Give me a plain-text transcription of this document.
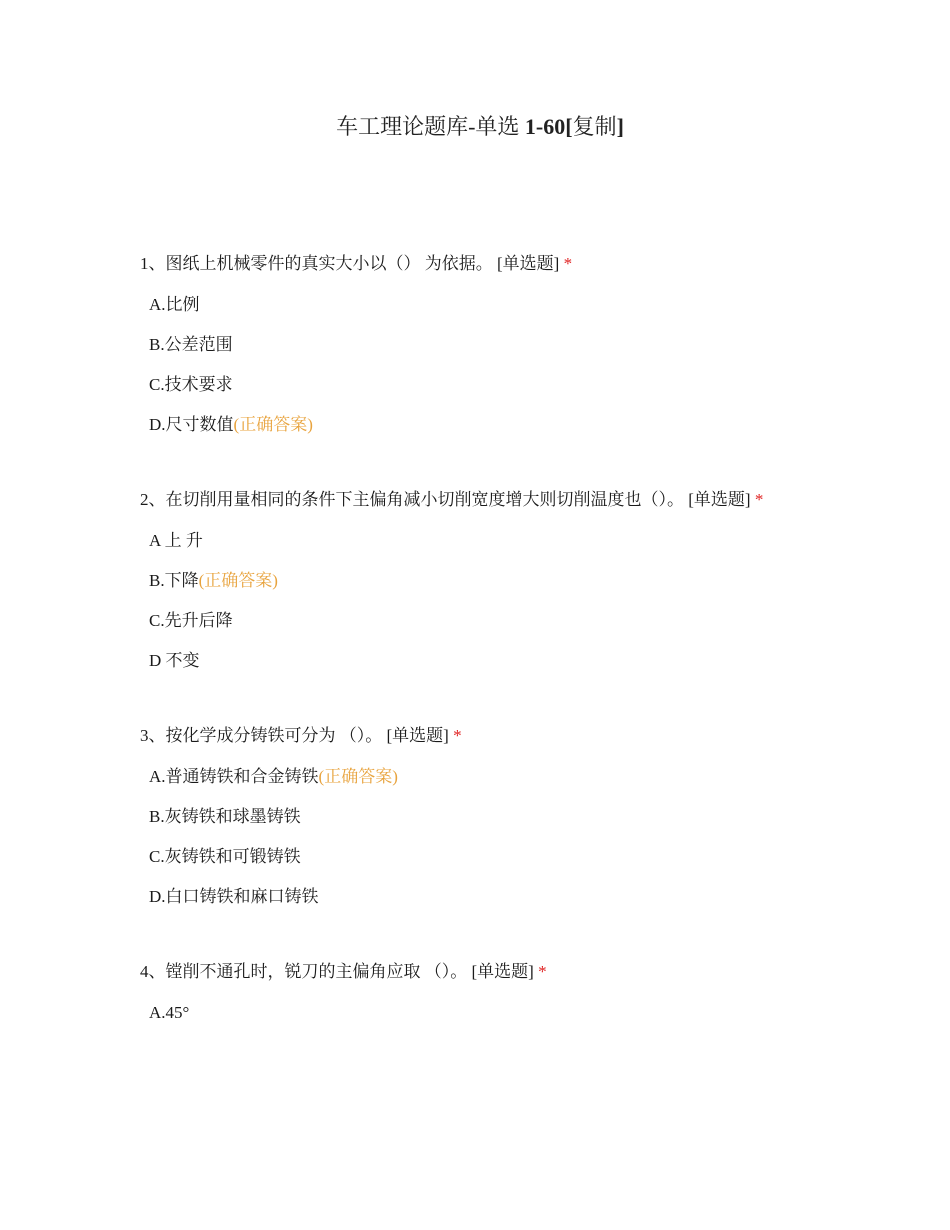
车工理论题库-单选 1-60[复制]
1、图纸上机械零件的真实大小以（） 为依据。 [单选题] *
A.比例
B.公差范围
C.技术要求
D.尺寸数值(正确答案)
2、在切削用量相同的条件下主偏角减小切削宽度增大则切削温度也（）。 [单选题] *
A 上 升
B.下降(正确答案)
C.先升后降
D 不变
3、按化学成分铸铁可分为 （）。 [单选题] *
A.普通铸铁和合金铸铁(正确答案)
B.灰铸铁和球墨铸铁
C.灰铸铁和可锻铸铁
D.白口铸铁和麻口铸铁
4、镗削不通孔时，锐刀的主偏角应取 （）。 [单选题] *
A.45°
